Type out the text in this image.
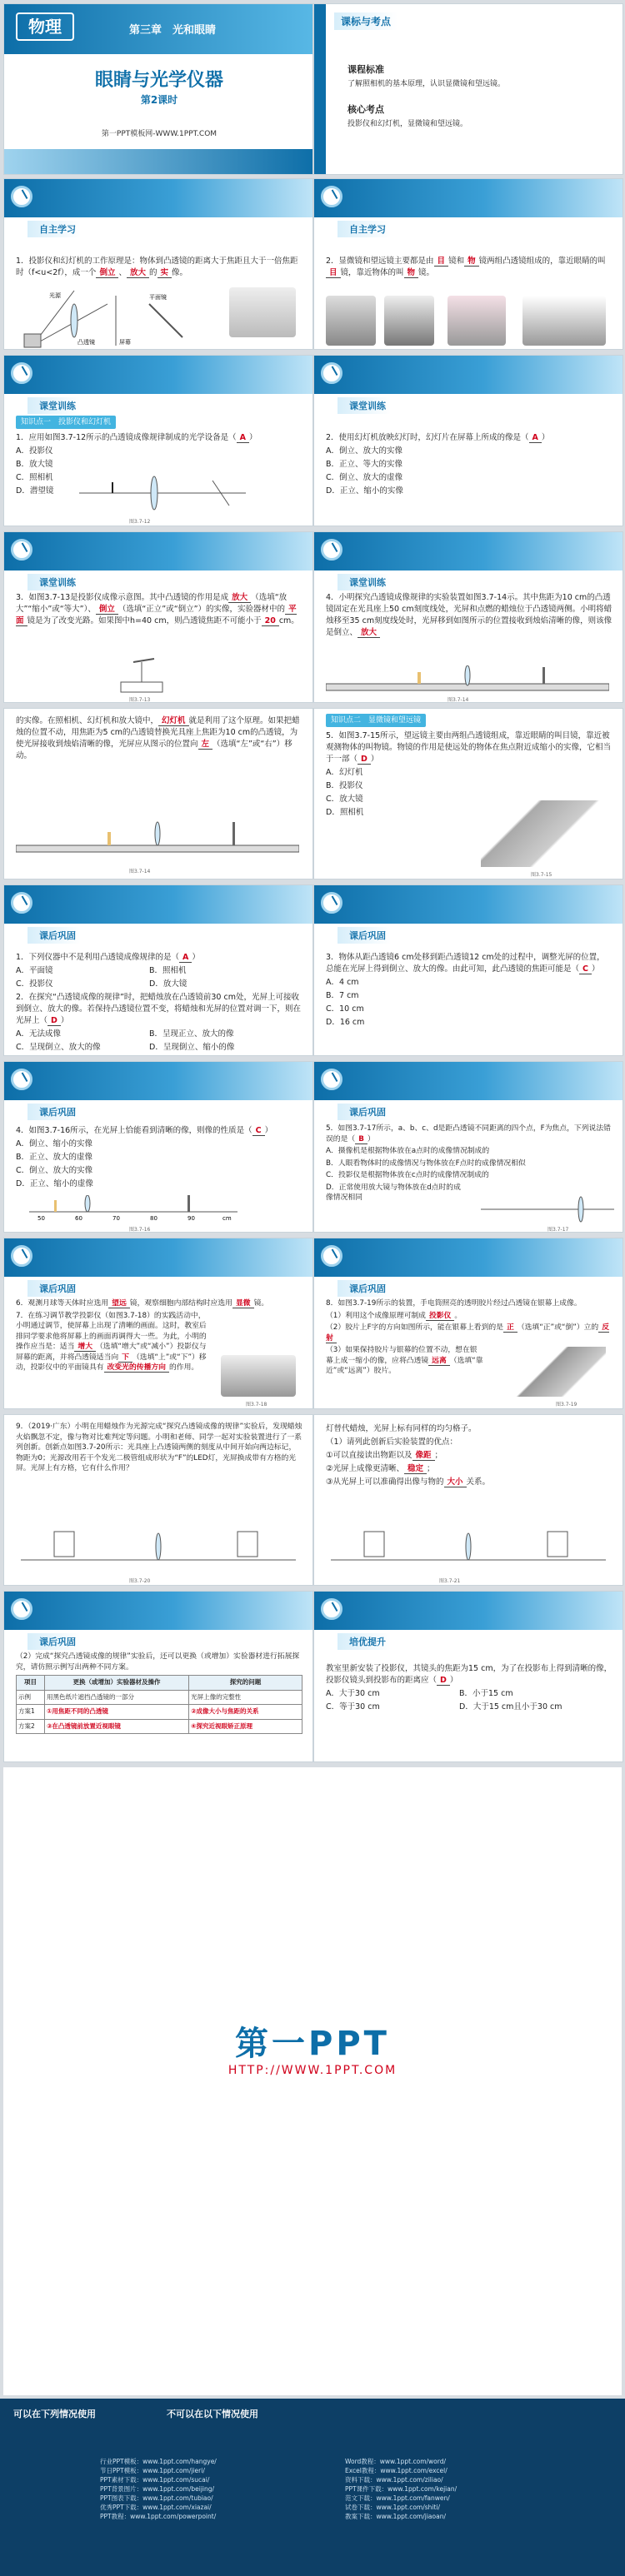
物理	第三章　光和眼睛
眼睛与光学仪器
第2课时
第一PPT模板网-WWW.1PPT.COM
课标与考点
课程标准
了解照相机的基本原理，认识显微镜和望远镜。
核心考点
投影仪和幻灯机，显微镜和望远镜。
自主学习
1．投影仪和幻灯机的工作原理是：物体到凸透镜的距离大于焦距且大于一倍焦距时（f<u<2f），成一个 倒立 、 放大 的 实 像。
光源	平面镜
凸透镜	屏幕
自主学习
2．显微镜和望远镜主要都是由 目 镜和 物 镜两组凸透镜组成的，靠近眼睛的叫目 镜，靠近物体的叫 物 镜。
课堂训练
知识点一　投影仪和幻灯机

1．应用如图3.7-12所示的凸透镜成像规律制成的光学设备是（ A ）

A．投影仪

B．放大镜

C．照相机

D．潜望镜

图3.7-12
课堂训练

2．使用幻灯机放映幻灯时，幻灯片在屏幕上所成的像是（ A ）

A．倒立、放大的实像

B．正立、等大的实像

C．倒立、放大的虚像

D．正立、缩小的实像

课堂训练
3．如图3.7-13是投影仪成像示意图。其中凸透镜的作用是成 放大 （选填“放大”“缩小”或“等大”）、 倒立 （选填“正立”或“倒立”）的实像，实验器材中的 平面 镜是为了改变光路。如果图中h=40 cm，则凸透镜焦距不可能小于 20 cm。
图3.7-13
课堂训练
4．小明探究凸透镜成像规律的实验装置如图3.7-14示。其中焦距为10 cm的凸透镜固定在光具座上50 cm刻度线处，光屏和点燃的蜡烛位于凸透镜两侧。小明将蜡烛移至35 cm刻度线处时，光屏移到如图所示的位置接收到烛焰清晰的像，则该像是倒立、 放大
图3.7-14
的实像。在照相机、幻灯机和放大镜中， 幻灯机 就是利用了这个原理。如果把蜡烛的位置不动，用焦距为5 cm的凸透镜替换光具座上焦距为10 cm的凸透镜，为使光屏接收到烛焰清晰的像，光屏应从图示的位置向 左 （选填“左”或“右”）移动。
图3.7-14
知识点二　显微镜和望远镜

5．如图3.7-15所示，望远镜主要由两组凸透镜组成，靠近眼睛的叫目镜，靠近被观测物体的叫物镜。物镜的作用是使远处的物体在焦点附近成缩小的实像，它相当于一部（ D ）

A．幻灯机

B．投影仪

C．放大镜

D．照相机

图3.7-15
课后巩固

1．下列仪器中不是利用凸透镜成像规律的是（ A ）

A．平面镜	B．照相机

C．投影仪	D．放大镜

2．在探究“凸透镜成像的规律”时，把蜡烛放在凸透镜前30 cm处，光屏上可接收到倒立、放大的像。若保持凸透镜位置不变，将蜡烛和光屏的位置对调一下，则在光屏上（ D ）

A．无法成像	B．呈现正立、放大的像

C．呈现倒立、放大的像	D．呈现倒立、缩小的像

课后巩固

3．物体从距凸透镜6 cm处移到距凸透镜12 cm处的过程中，调整光屏的位置，总能在光屏上得到倒立、放大的像。由此可知，此凸透镜的焦距可能是（ C ）

A．4 cm

B．7 cm

C．10 cm

D．16 cm

课后巩固

4．如图3.7-16所示，在光屏上恰能看到清晰的像，则像的性质是（ C ）

A．倒立、缩小的实像

B．正立、放大的虚像

C．倒立、放大的实像

D．正立、缩小的虚像

50	60	70	80	90	cm
图3.7-16
课后巩固

5．如图3.7-17所示，a、b、c、d是距凸透镜不同距离的四个点，F为焦点，下列说法错误的是（ B ）

A．摄像机是根据物体放在a点时的成像情况制成的

B．人眼看物体时的成像情况与物体放在F点时的成像情况相似

C．投影仪是根据物体放在c点时的成像情况制成的

D．正常使用放大镜与物体放在d点时的成像情况相同

图3.7-17
课后巩固

6．观测月球等天体时应选用 望远 镜，观察细胞内部结构时应选用 显微 镜。

7．在练习调节教学投影仪（如图3.7-18）的实践活动中，小明通过调节，使屏幕上出现了清晰的画面。这时，教室后排同学要求他将屏幕上的画面再调得大一些。为此，小明的操作应当是：适当 增大 （选填“增大”或“减小”）投影仪与屏幕的距离，并将凸透镜适当向 下 （选填“上”或“下”）移动，投影仪中的平面镜具有 改变光的传播方向 的作用。

图3.7-18
课后巩固

8．如图3.7-19所示的装置，手电筒照亮的透明胶片经过凸透镜在银幕上成像。

（1）利用这个成像原理可制成 投影仪 。

（2）胶片上F字的方向如图所示，能在银幕上看到的是 正 （选填“正”或“倒”）立的 反射

（3）如果保持胶片与银幕的位置不动，想在银幕上成一缩小的像，应将凸透镜 远离 （选填“靠近”或“远离”）胶片。

图3.7-19

9．（2019·广东）小明在用蜡烛作为光源完成“探究凸透镜成像的规律”实验后，发现蜡烛火焰飘忽不定，像与物对比难判定等问题。小明和老师、同学一起对实验装置进行了一系列创新。创新点如图3.7-20所示：光具座上凸透镜两侧的刻度从中间开始向两边标记，物距为0；光源改用若干个发光二极管组成形状为“F”的LED灯，光屏换成带有方格的光屏。光屏上有方格，它有什么作用？

图3.7-20

灯替代蜡烛，光屏上标有同样的均匀格子。

（1）请列此创新后实验装置的优点：

①可以直接读出物距以及 像距 ；

②光屏上成像更清晰、 稳定 ；

③从光屏上可以准确得出像与物的 大小 关系。

图3.7-21
课后巩固

（2）完成“探究凸透镜成像的规律”实验后，还可以更换（或增加）实验器材进行拓展探究，请仿照示例写出两种不同方案。

项目	更换（或增加）实验器材及操作	探究的问题
示例	用黑色纸片遮挡凸透镜的一部分	光屏上像的完整性
方案1	①用焦距不同的凸透镜	②成像大小与焦距的关系
方案2	③在凸透镜前放置近视眼镜	④探究近视眼矫正原理
培优提升

教室里新安装了投影仪，其镜头的焦距为15 cm，为了在投影布上得到清晰的像，投影仪镜头到投影布的距离应（ D ）

A．大于30 cm	B．小于15 cm

C．等于30 cm	D．大于15 cm且小于30 cm

第一PPT
HTTP://WWW.1PPT.COM
可以在下列情况使用	不可以在以下情况使用
行业PPT模板：www.1ppt.com/hangye/
节日PPT模板：www.1ppt.com/jieri/
PPT素材下载：www.1ppt.com/sucai/
PPT背景图片：www.1ppt.com/beijing/
PPT图表下载：www.1ppt.com/tubiao/
优秀PPT下载：www.1ppt.com/xiazai/
PPT教程：www.1ppt.com/powerpoint/
Word教程：www.1ppt.com/word/
Excel教程：www.1ppt.com/excel/
资料下载：www.1ppt.com/ziliao/
PPT课件下载：www.1ppt.com/kejian/
范文下载：www.1ppt.com/fanwen/
试卷下载：www.1ppt.com/shiti/
教案下载：www.1ppt.com/jiaoan/
